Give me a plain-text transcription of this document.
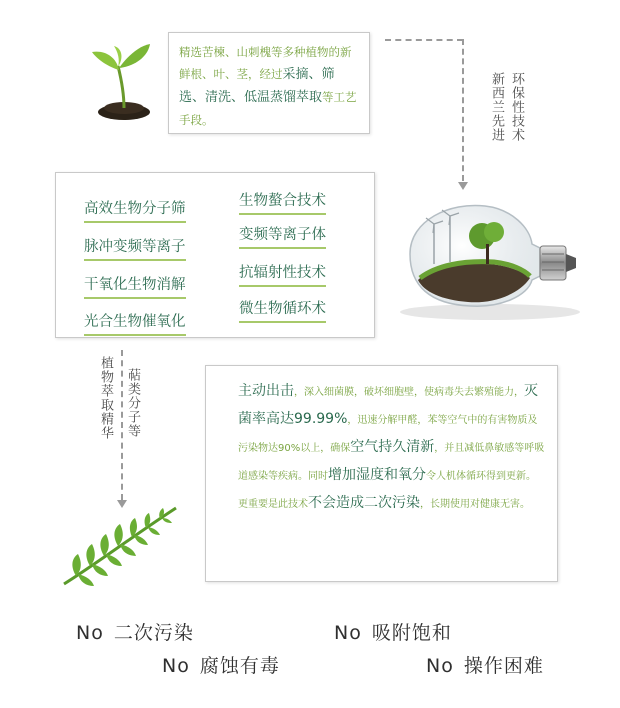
精选苦楝、山刺槐等多种植物的新鲜根、叶、茎，经过采摘、筛选、清洗、低温蒸馏萃取等工艺手段。	环保性技术
新西兰先进
高效生物分子筛
脉冲变频等离子
干氧化生物消解
光合生物催氧化
生物螯合技术
变频等离子体
抗辐射性技术
微生物循环术
植物萃取精华 萜类分子等	主动出击，深入细菌膜，破坏细胞壁，使病毒失去繁殖能力，灭菌率高达99.99%，迅速分解甲醛，苯等空气中的有害物质及污染物达90%以上，确保空气持久清新，并且减低鼻敏感等呼吸道感染等疾病。同时增加湿度和氧分令人机体循环得到更新。更重要是此技术不会造成二次污染，长期使用对健康无害。
No 二次污染	No 吸附饱和
No 腐蚀有毒	No 操作困难
